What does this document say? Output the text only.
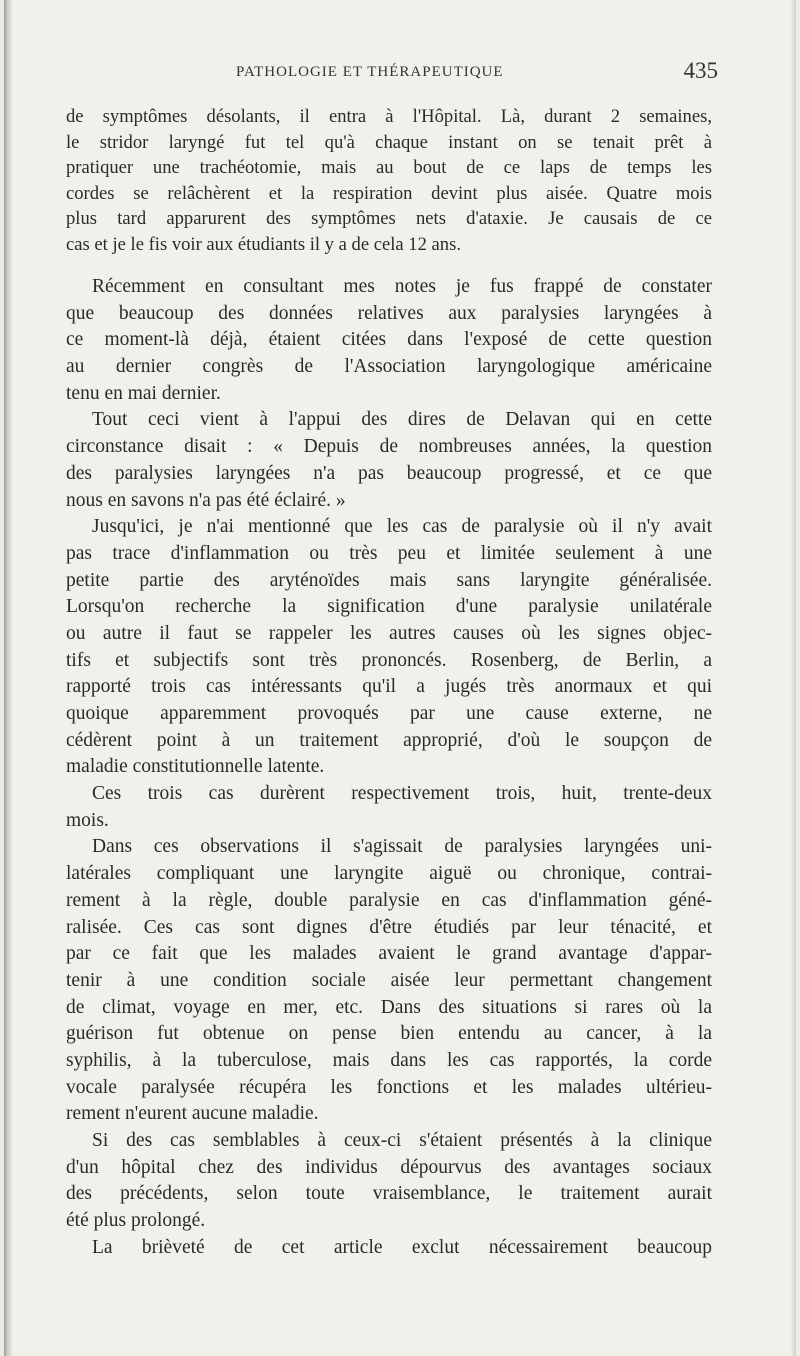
PATHOLOGIE ET THÉRAPEUTIQUE	435
de symptômes désolants, il entra à l'Hôpital. Là, durant 2 semaines,
le stridor laryngé fut tel qu'à chaque instant on se tenait prêt à
pratiquer une trachéotomie, mais au bout de ce laps de temps les
cordes se relâchèrent et la respiration devint plus aisée. Quatre mois
plus tard apparurent des symptômes nets d'ataxie. Je causais de ce
cas et je le fis voir aux étudiants il y a de cela 12 ans.
Récemment en consultant mes notes je fus frappé de constater
que beaucoup des données relatives aux paralysies laryngées à
ce moment-là déjà, étaient citées dans l'exposé de cette question
au dernier congrès de l'Association laryngologique américaine
tenu en mai dernier.
Tout ceci vient à l'appui des dires de Delavan qui en cette
circonstance disait : « Depuis de nombreuses années, la question
des paralysies laryngées n'a pas beaucoup progressé, et ce que
nous en savons n'a pas été éclairé. »
Jusqu'ici, je n'ai mentionné que les cas de paralysie où il n'y avait
pas trace d'inflammation ou très peu et limitée seulement à une
petite partie des aryténoïdes mais sans laryngite généralisée.
Lorsqu'on recherche la signification d'une paralysie unilatérale
ou autre il faut se rappeler les autres causes où les signes objec-
tifs et subjectifs sont très prononcés. Rosenberg, de Berlin, a
rapporté trois cas intéressants qu'il a jugés très anormaux et qui
quoique apparemment provoqués par une cause externe, ne
cédèrent point à un traitement approprié, d'où le soupçon de
maladie constitutionnelle latente.
Ces trois cas durèrent respectivement trois, huit, trente-deux
mois.
Dans ces observations il s'agissait de paralysies laryngées uni-
latérales compliquant une laryngite aiguë ou chronique, contrai-
rement à la règle, double paralysie en cas d'inflammation géné-
ralisée. Ces cas sont dignes d'être étudiés par leur ténacité, et
par ce fait que les malades avaient le grand avantage d'appar-
tenir à une condition sociale aisée leur permettant changement
de climat, voyage en mer, etc. Dans des situations si rares où la
guérison fut obtenue on pense bien entendu au cancer, à la
syphilis, à la tuberculose, mais dans les cas rapportés, la corde
vocale paralysée récupéra les fonctions et les malades ultérieu-
rement n'eurent aucune maladie.
Si des cas semblables à ceux-ci s'étaient présentés à la clinique
d'un hôpital chez des individus dépourvus des avantages sociaux
des précédents, selon toute vraisemblance, le traitement aurait
été plus prolongé.
La brièveté de cet article exclut nécessairement beaucoup
